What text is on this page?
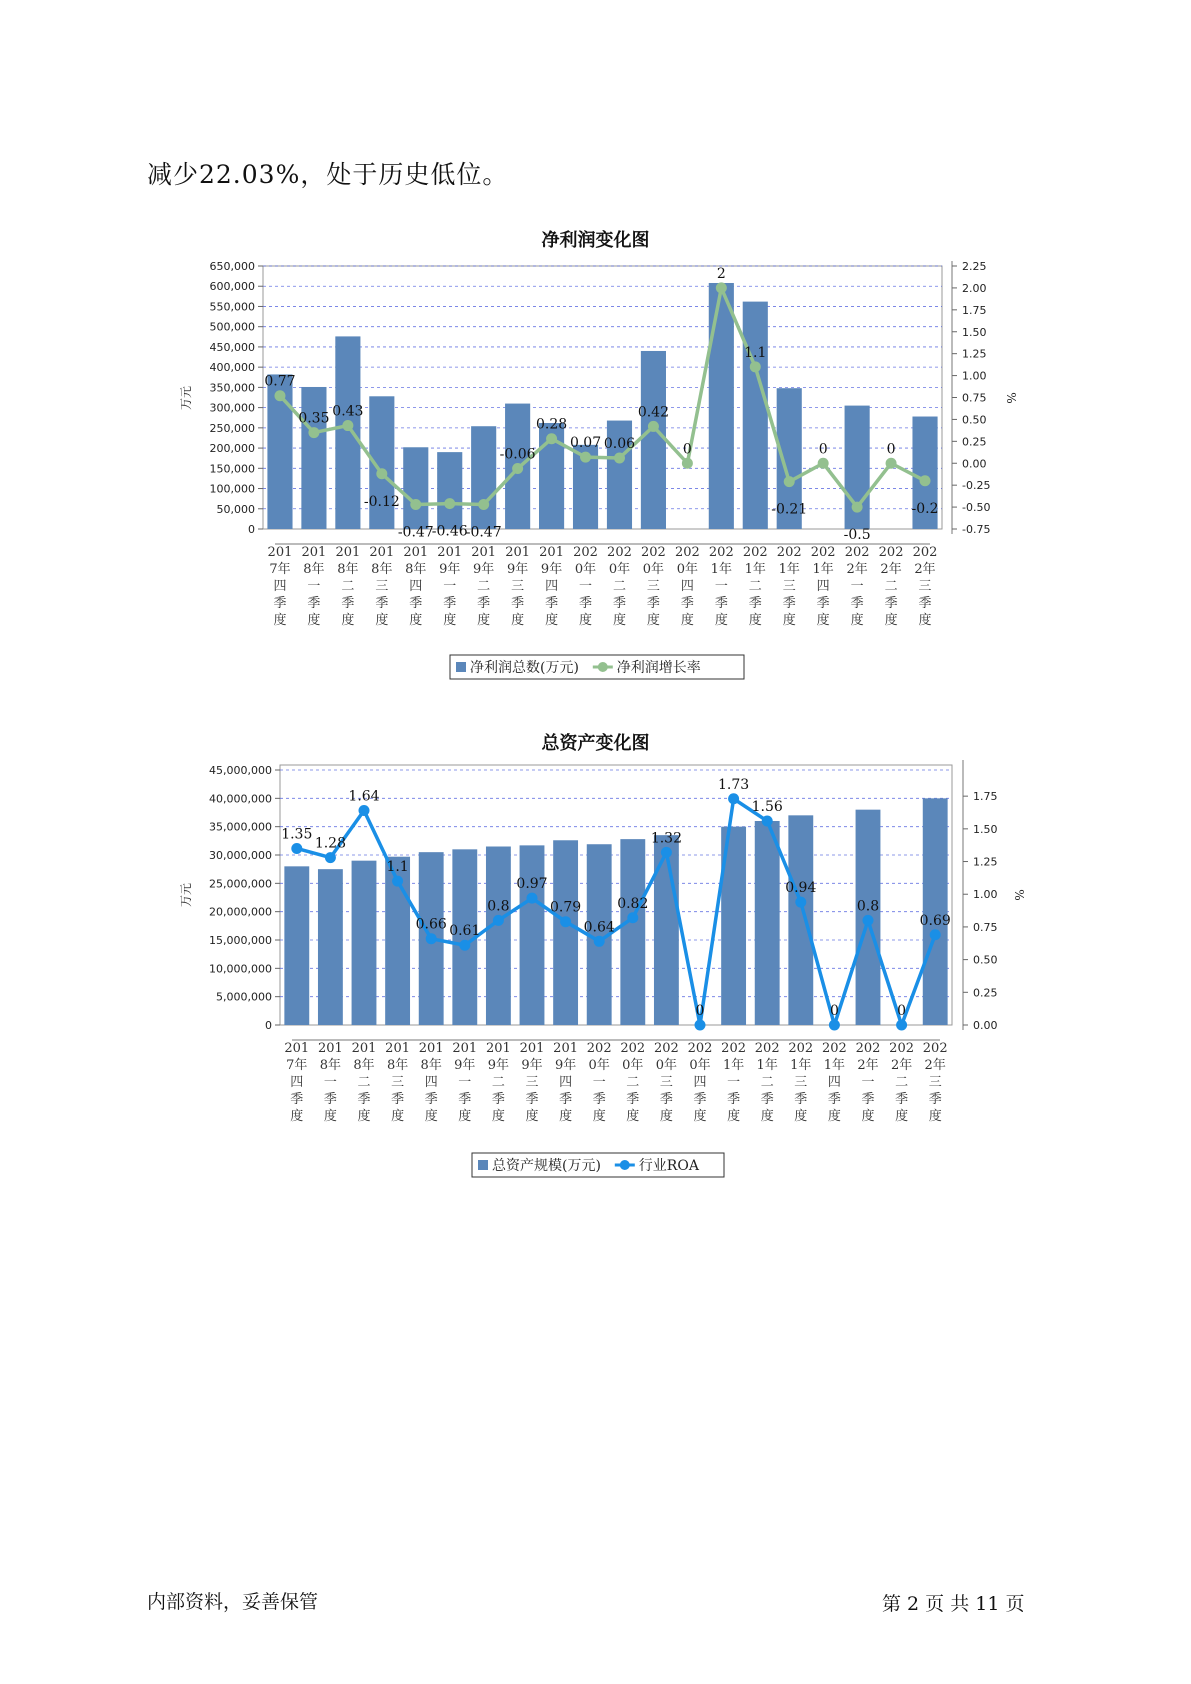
减少22.03%，处于历史低位。
净利润变化图
0
50,000
100,000
150,000
200,000
250,000
300,000
350,000
400,000
450,000
500,000
550,000
600,000
650,000
-0.75
-0.50
-0.25
0.00
0.25
0.50
0.75
1.00
1.25
1.50
1.75
2.00
2.25
万元	%
201 7年四季度
201 8年一季度
201 8年二季度
201 8年三季度
201 8年四季度
201 9年一季度
201 9年二季度
201 9年三季度
201 9年四季度
202 0年一季度
202 0年二季度
202 0年三季度
202 0年四季度
202 1年一季度
202 1年二季度
202 1年三季度
202 1年四季度
202 2年一季度
202 2年二季度
202 2年三季度
0.77
0.35 0.43
-0.12
-0.47
-0.46
-0.47
-0.06
0.28
0.07 0.06
0.42
0
2
1.1
-0.21
0
-0.5
0
-0.2
净利润总数(万元)	净利润增长率
总资产变化图
0
5,000,000
10,000,000
15,000,000
20,000,000
25,000,000
30,000,000
35,000,000
40,000,000
45,000,000
0.00
0.25
0.50
0.75
1.00
1.25
1.50
1.75
万元	%
201 7年四季度
201 8年一季度
201 8年二季度
201 8年三季度
201 8年四季度
201 9年一季度
201 9年二季度
201 9年三季度
201 9年四季度
202 0年一季度
202 0年二季度
202 0年三季度
202 0年四季度
202 1年一季度
202 1年二季度
202 1年三季度
202 1年四季度
202 2年一季度
202 2年二季度
202 2年三季度
1.35
1.28
1.64
1.1
0.66 0.61
0.8
0.97
0.79
0.64
0.82
1.32
0
1.73
1.56
0.94
0
0.8
0
0.69
总资产规模(万元)	行业ROA
内部资料，妥善保管	第 2 页 共 11 页
